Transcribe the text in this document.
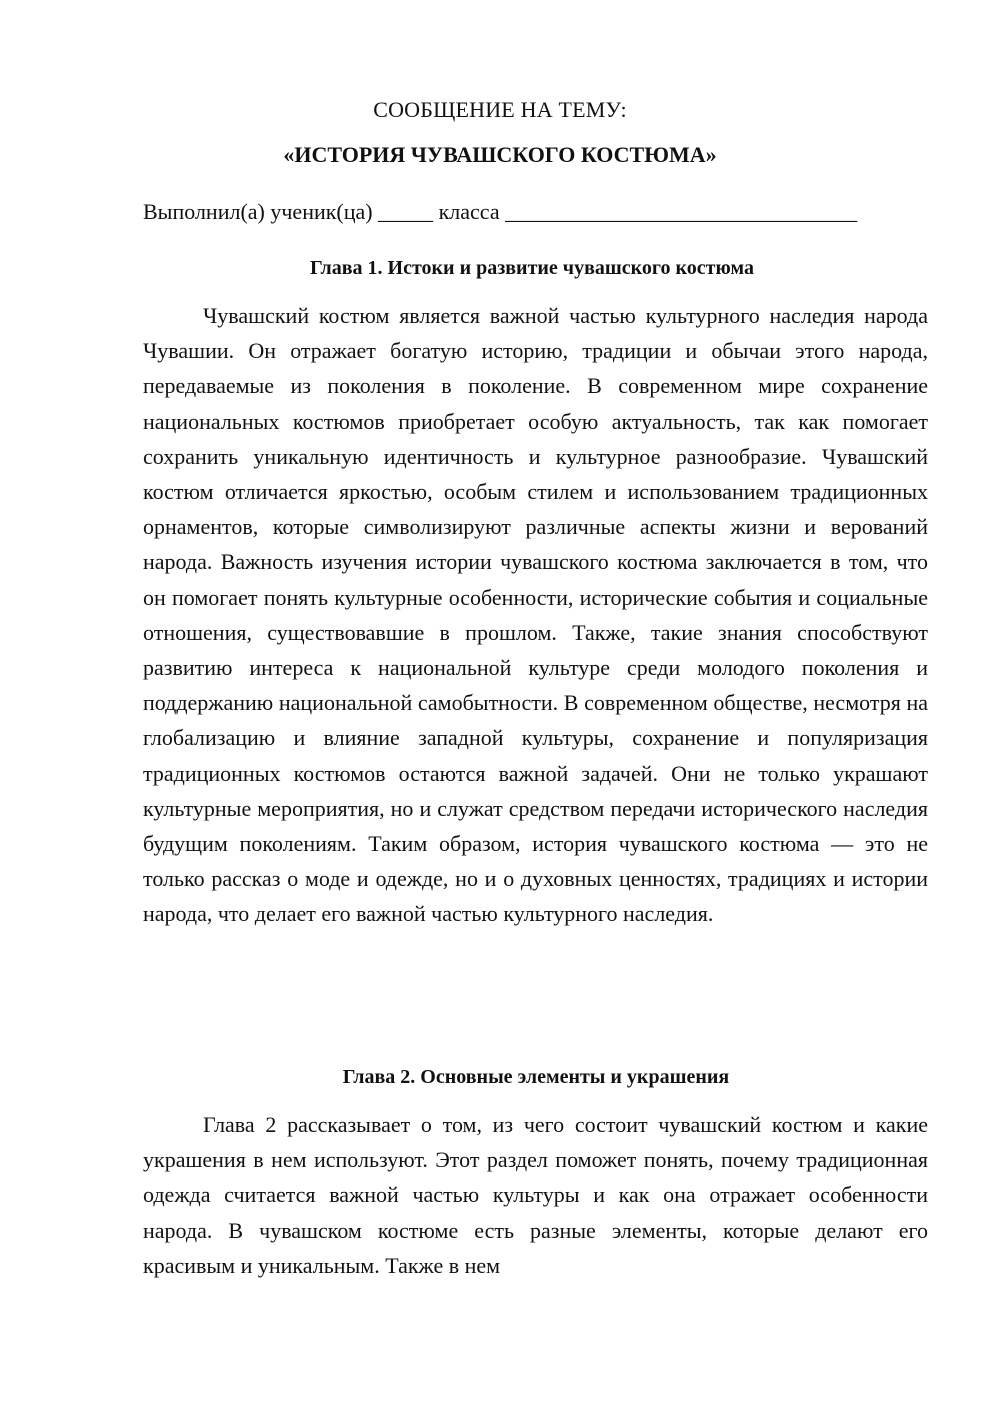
СООБЩЕНИЕ НА ТЕМУ:
«ИСТОРИЯ ЧУВАШСКОГО КОСТЮМА»
Выполнил(а) ученик(ца) _____ класса ________________________________
Глава 1. Истоки и развитие чувашского костюма

Чувашский костюм является важной частью культурного наследия народа Чувашии. Он отражает богатую историю, традиции и обычаи этого народа, передаваемые из поколения в поколение. В современном мире сохранение национальных костюмов приобретает особую актуальность, так как помогает сохранить уникальную идентичность и культурное разнообразие. Чувашский костюм отличается яркостью, особым стилем и использованием традиционных орнаментов, которые символизируют различные аспекты жизни и верований народа. Важность изучения истории чувашского костюма заключается в том, что он помогает понять культурные особенности, исторические события и социальные отношения, существовавшие в прошлом. Также, такие знания способствуют развитию интереса к национальной культуре среди молодого поколения и поддержанию национальной самобытности. В современном обществе, несмотря на глобализацию и влияние западной культуры, сохранение и популяризация традиционных костюмов остаются важной задачей. Они не только украшают культурные мероприятия, но и служат средством передачи исторического наследия будущим поколениям. Таким образом, история чувашского костюма — это не только рассказ о моде и одежде, но и о духовных ценностях, традициях и истории народа, что делает его важной частью культурного наследия.

Глава 2. Основные элементы и украшения

Глава 2 рассказывает о том, из чего состоит чувашский костюм и какие украшения в нем используют. Этот раздел поможет понять, почему традиционная одежда считается важной частью культуры и как она отражает особенности народа. В чувашском костюме есть разные элементы, которые делают его красивым и уникальным. Также в нем
